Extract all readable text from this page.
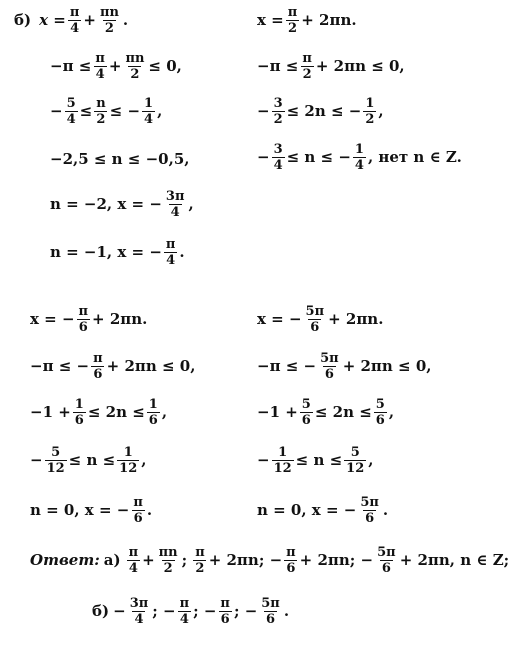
б) $x = \frac{\pi}{4} + \frac{\pi n}{2}$ .
$-\pi \le \frac{\pi}{4} + \frac{\pi n}{2} \le 0$,
− $\frac{5}{4} \le \frac{n}{2}$ ≤ − $\frac{1}{4}$ ,
−2,5 ≤ n ≤ −0,5,
n = −2, x = − $\frac{3\pi}{4}$ ,
n = −1, x = − $\frac{\pi}{4}$ .
$x = \frac{\pi}{2} + 2\pi n$.
$-\pi \le \frac{\pi}{2} + 2\pi n \le 0$,
− $\frac{3}{2} \le 2n$ ≤ − $\frac{1}{2}$ ,
− $\frac{3}{4} \le n$ ≤ − $\frac{1}{4}$ , нет n ∈ Z.
x = − $\frac{\pi}{6} + 2\pi n$.
−π ≤ − $\frac{\pi}{6} + 2\pi n \le 0$,
$-1 + \frac{1}{6} \le 2n \le \frac{1}{6}$ ,
− $\frac{5}{12} \le n \le \frac{1}{12}$ ,
n = 0, x = − $\frac{\pi}{6}$ .
x = − $\frac{5\pi}{6} + 2\pi n$.
−π ≤ − $\frac{5\pi}{6} + 2\pi n \le 0$,
$-1 + \frac{5}{6} \le 2n \le \frac{5}{6}$ ,
− $\frac{1}{12} \le n \le \frac{5}{12}$ ,
n = 0, x = − $\frac{5\pi}{6}$ .
Ответ: $а) \frac{\pi}{4} + \frac{\pi n}{2}$ ; $\frac{\pi}{2} + 2\pi n$; − $\frac{\pi}{6} + 2\pi n$; − $\frac{5\pi}{6} + 2\pi n$, n ∈ Z;
$б) - \frac{3\pi}{4}$ ; − $\frac{\pi}{4}$ ; − $\frac{\pi}{6}$ ; − $\frac{5\pi}{6}$ .
